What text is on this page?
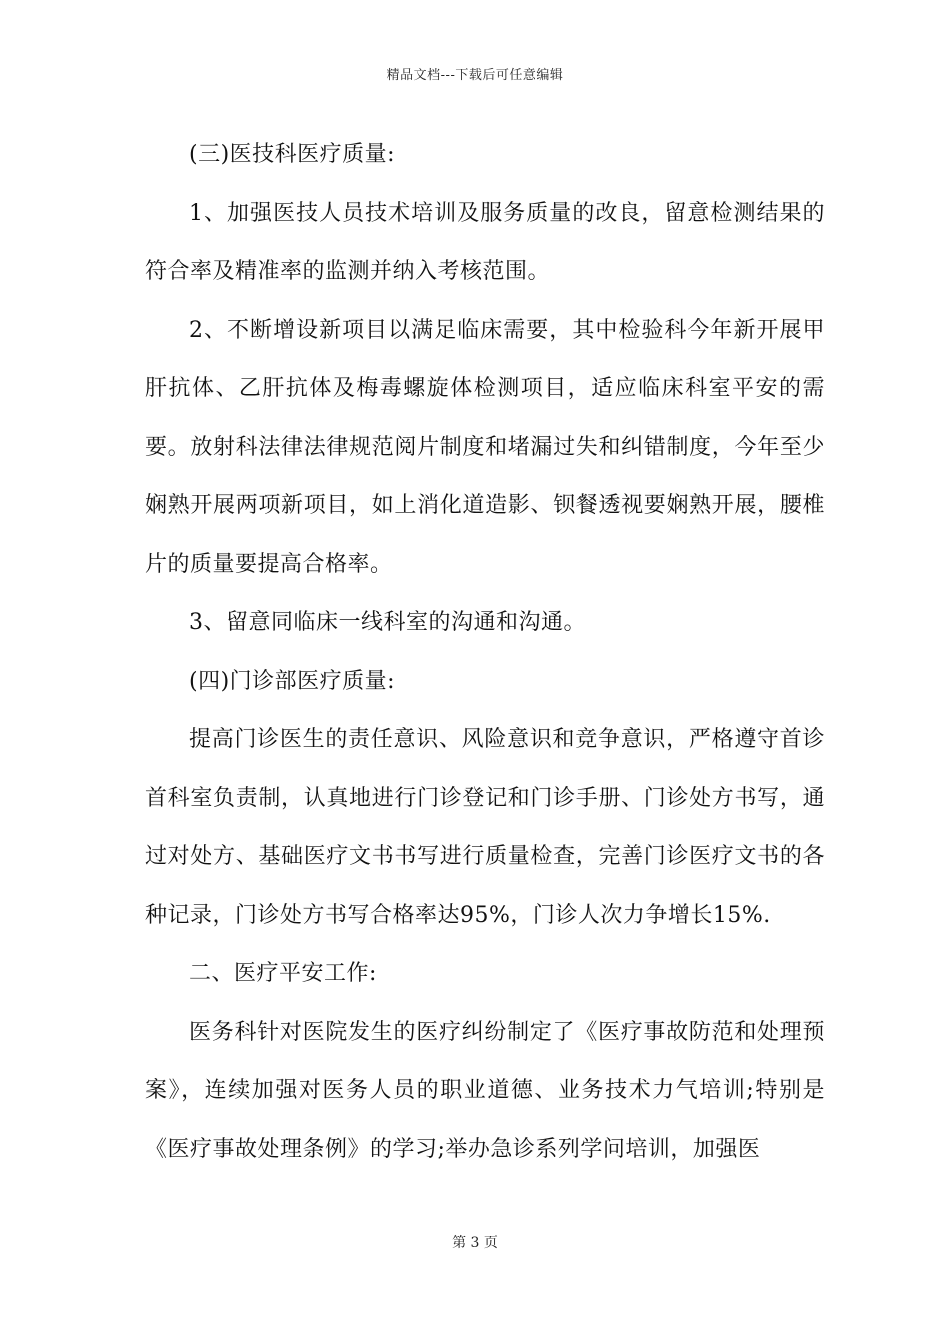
精品文档---下载后可任意编辑

(三)医技科医疗质量:

1、加强医技人员技术培训及服务质量的改良，留意检测结果的符合率及精准率的监测并纳入考核范围。

2、不断增设新项目以满足临床需要，其中检验科今年新开展甲肝抗体、乙肝抗体及梅毒螺旋体检测项目，适应临床科室平安的需要。放射科法律法律规范阅片制度和堵漏过失和纠错制度，今年至少娴熟开展两项新项目，如上消化道造影、钡餐透视要娴熟开展，腰椎片的质量要提高合格率。

3、留意同临床一线科室的沟通和沟通。

(四)门诊部医疗质量:

提高门诊医生的责任意识、风险意识和竞争意识，严格遵守首诊首科室负责制，认真地进行门诊登记和门诊手册、门诊处方书写，通过对处方、基础医疗文书书写进行质量检查，完善门诊医疗文书的各种记录，门诊处方书写合格率达95%，门诊人次力争增长15%.

二、医疗平安工作:

医务科针对医院发生的医疗纠纷制定了《医疗事故防范和处理预案》，连续加强对医务人员的职业道德、业务技术力气培训;特别是《医疗事故处理条例》的学习;举办急诊系列学问培训，加强医

第 3 页
